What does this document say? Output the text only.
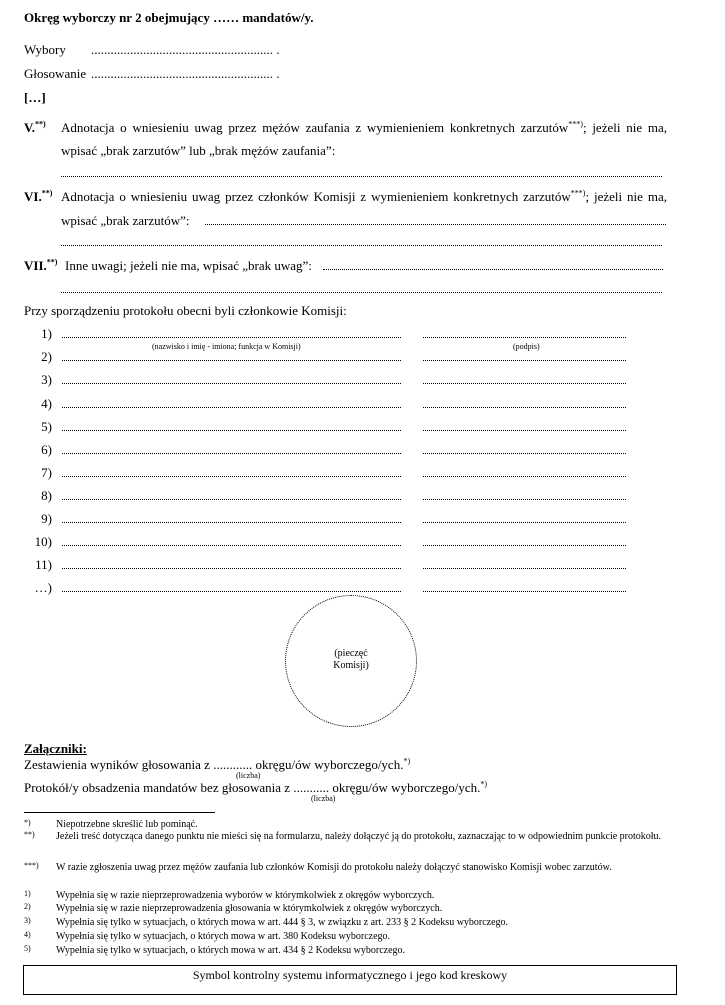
Okręg wyborczy nr 2 obejmujący …… mandatów/y.
Wybory ........................................................ .
Głosowanie ........................................................ .
[…]
V.**) Adnotacja o wniesieniu uwag przez mężów zaufania z wymienieniem konkretnych zarzutów***); jeżeli nie ma,
wpisać „brak zarzutów” lub „brak mężów zaufania”:
VI.**) Adnotacja o wniesieniu uwag przez członków Komisji z wymienieniem konkretnych zarzutów***); jeżeli nie ma,
wpisać „brak zarzutów”:
VII.**) Inne uwagi; jeżeli nie ma, wpisać „brak uwag”:
Przy sporządzeniu protokołu obecni byli członkowie Komisji:
1)
2)
3)
4)
5)
6)
7)
8)
9)
10)
11)
…)
(nazwisko i imię - imiona; funkcja w Komisji)	(podpis)
(pieczęć
Komisji)
Załączniki:
Zestawienia wyników głosowania z ............ okręgu/ów wyborczego/ych.*)
(liczba)
Protokół/y obsadzenia mandatów bez głosowania z ........... okręgu/ów wyborczego/ych.*)
(liczba)
*)	Niepotrzebne skreślić lub pominąć.
**) Jeżeli treść dotycząca danego punktu nie mieści się na formularzu, należy dołączyć ją do protokołu, zaznaczając to w odpowiednim punkcie protokołu.
***) W razie zgłoszenia uwag przez mężów zaufania lub członków Komisji do protokołu należy dołączyć stanowisko Komisji wobec zarzutów.
1)	Wypełnia się w razie nieprzeprowadzenia wyborów w którymkolwiek z okręgów wyborczych.
2)	Wypełnia się w razie nieprzeprowadzenia głosowania w którymkolwiek z okręgów wyborczych.
3)	Wypełnia się tylko w sytuacjach, o których mowa w art. 444 § 3, w związku z art. 233 § 2 Kodeksu wyborczego.
4)	Wypełnia się tylko w sytuacjach, o których mowa w art. 380 Kodeksu wyborczego.
5)	Wypełnia się tylko w sytuacjach, o których mowa w art. 434 § 2 Kodeksu wyborczego.
Symbol kontrolny systemu informatycznego i jego kod kreskowy
